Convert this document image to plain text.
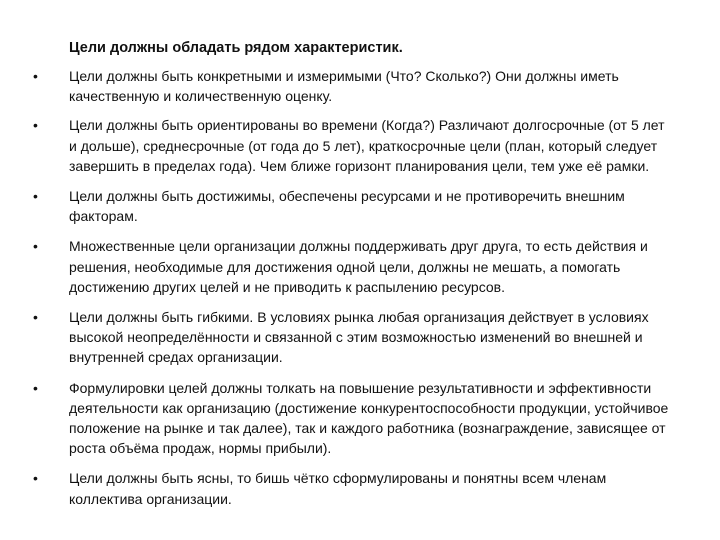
Цели должны обладать рядом характеристик.
• Цели должны быть конкретными и измеримыми (Что? Сколько?) Они должны иметь качественную и количественную оценку.
• Цели должны быть ориентированы во времени (Когда?) Различают долгосрочные (от 5 лет и дольше), среднесрочные (от года до 5 лет), краткосрочные цели (план, который следует завершить в пределах года). Чем ближе горизонт планирования цели, тем уже её рамки.
• Цели должны быть достижимы, обеспечены ресурсами и не противоречить внешним факторам.
• Множественные цели организации должны поддерживать друг друга, то есть действия и решения, необходимые для достижения одной цели, должны не мешать, а помогать достижению других целей и не приводить к распылению ресурсов.
• Цели должны быть гибкими. В условиях рынка любая организация действует в условиях высокой неопределённости и связанной с этим возможностью изменений во внешней и внутренней средах организации.
• Формулировки целей должны толкать на повышение результативности и эффективности деятельности как организацию (достижение конкурентоспособности продукции, устойчивое положение на рынке и так далее), так и каждого работника (вознаграждение, зависящее от роста объёма продаж, нормы прибыли).
• Цели должны быть ясны, то бишь чётко сформулированы и понятны всем членам коллектива организации.
